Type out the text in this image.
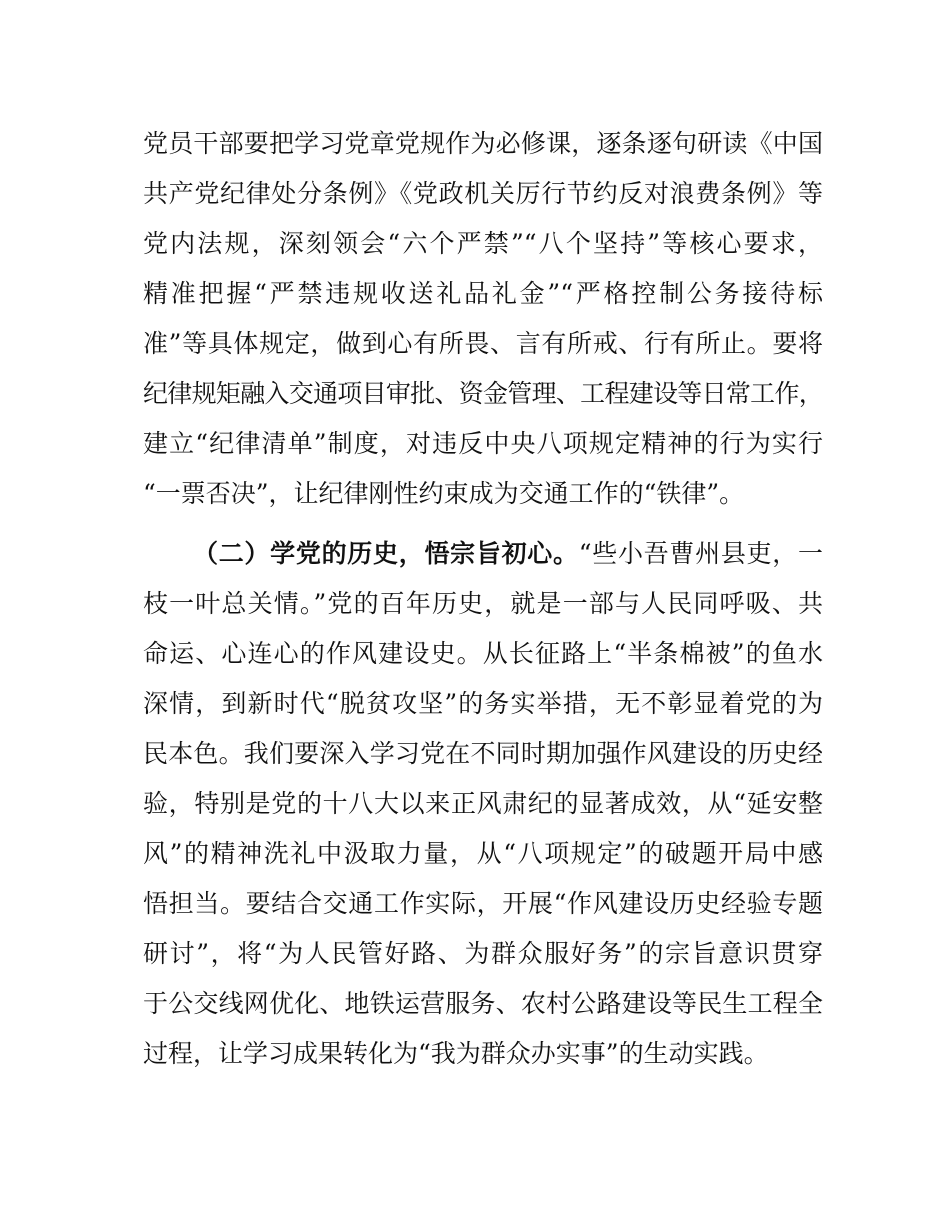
党员干部要把学习党章党规作为必修课，逐条逐句研读《中国
共产党纪律处分条例》《党政机关厉行节约反对浪费条例》等
党内法规，深刻领会“六个严禁”“八个坚持”等核心要求，
精准把握“严禁违规收送礼品礼金”“严格控制公务接待标
准”等具体规定，做到心有所畏、言有所戒、行有所止。要将
纪律规矩融入交通项目审批、资金管理、工程建设等日常工作，
建立“纪律清单”制度，对违反中央八项规定精神的行为实行
“一票否决”，让纪律刚性约束成为交通工作的“铁律”。
（二）学党的历史，悟宗旨初心。“些小吾曹州县吏，一
枝一叶总关情。”党的百年历史，就是一部与人民同呼吸、共
命运、心连心的作风建设史。从长征路上“半条棉被”的鱼水
深情，到新时代“脱贫攻坚”的务实举措，无不彰显着党的为
民本色。我们要深入学习党在不同时期加强作风建设的历史经
验，特别是党的十八大以来正风肃纪的显著成效，从“延安整
风”的精神洗礼中汲取力量，从“八项规定”的破题开局中感
悟担当。要结合交通工作实际，开展“作风建设历史经验专题
研讨”，将“为人民管好路、为群众服好务”的宗旨意识贯穿
于公交线网优化、地铁运营服务、农村公路建设等民生工程全
过程，让学习成果转化为“我为群众办实事”的生动实践。
